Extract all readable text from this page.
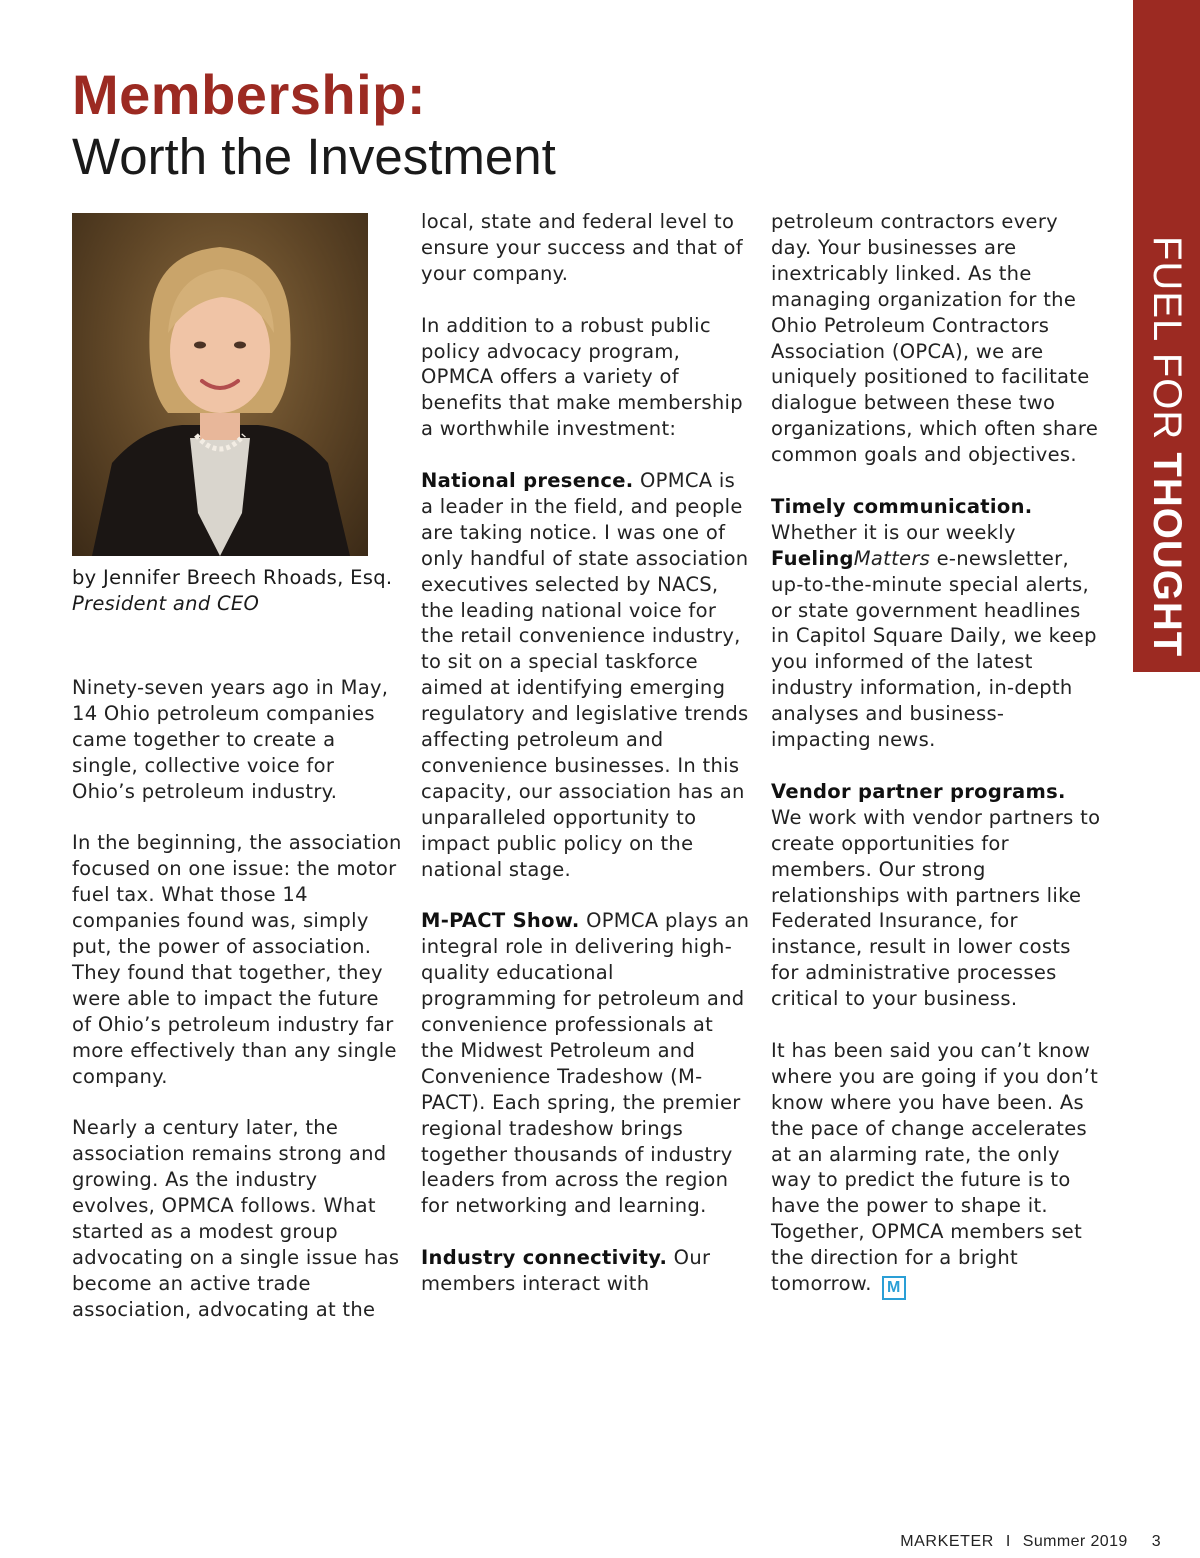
FUEL FOR THOUGHT
Membership:
Worth the Investment
by Jennifer Breech Rhoads, Esq.
President and CEO

Ninety-seven years ago in May, 14 Ohio petroleum companies came together to create a single, collective voice for Ohio’s petroleum industry.

In the beginning, the association focused on one issue: the motor fuel tax. What those 14 companies found was, simply put, the power of association. They found that together, they were able to impact the future of Ohio’s petroleum industry far more effectively than any single company.

Nearly a century later, the association remains strong and growing. As the industry evolves, OPMCA follows. What started as a modest group advocating on a single issue has become an active trade association, advocating at the

local, state and federal level to ensure your success and that of your company.

In addition to a robust public policy advocacy program, OPMCA offers a variety of benefits that make membership a worthwhile investment:

National presence. OPMCA is a leader in the field, and people are taking notice. I was one of only handful of state association executives selected by NACS, the leading national voice for the retail convenience industry, to sit on a special taskforce aimed at identifying emerging regulatory and legislative trends affecting petroleum and convenience businesses. In this capacity, our association has an unparalleled opportunity to impact public policy on the national stage.

M-PACT Show. OPMCA plays an integral role in delivering high-quality educational programming for petroleum and convenience professionals at the Midwest Petroleum and Convenience Tradeshow (M-PACT). Each spring, the premier regional tradeshow brings together thousands of industry leaders from across the region for networking and learning.

Industry connectivity. Our members interact with

petroleum contractors every day. Your businesses are inextricably linked. As the managing organization for the Ohio Petroleum Contractors Association (OPCA), we are uniquely positioned to facilitate dialogue between these two organizations, which often share common goals and objectives.

Timely communication. Whether it is our weekly FuelingMatters e-newsletter, up-to-the-minute special alerts, or state government headlines in Capitol Square Daily, we keep you informed of the latest industry information, in-depth analyses and business-impacting news.

Vendor partner programs. We work with vendor partners to create opportunities for members. Our strong relationships with partners like Federated Insurance, for instance, result in lower costs for administrative processes critical to your business.

It has been said you can’t know where you are going if you don’t know where you have been. As the pace of change accelerates at an alarming rate, the only way to predict the future is to have the power to shape it. Together, OPMCA members set the direction for a bright tomorrow. M

MARKETER I Summer 2019 3
